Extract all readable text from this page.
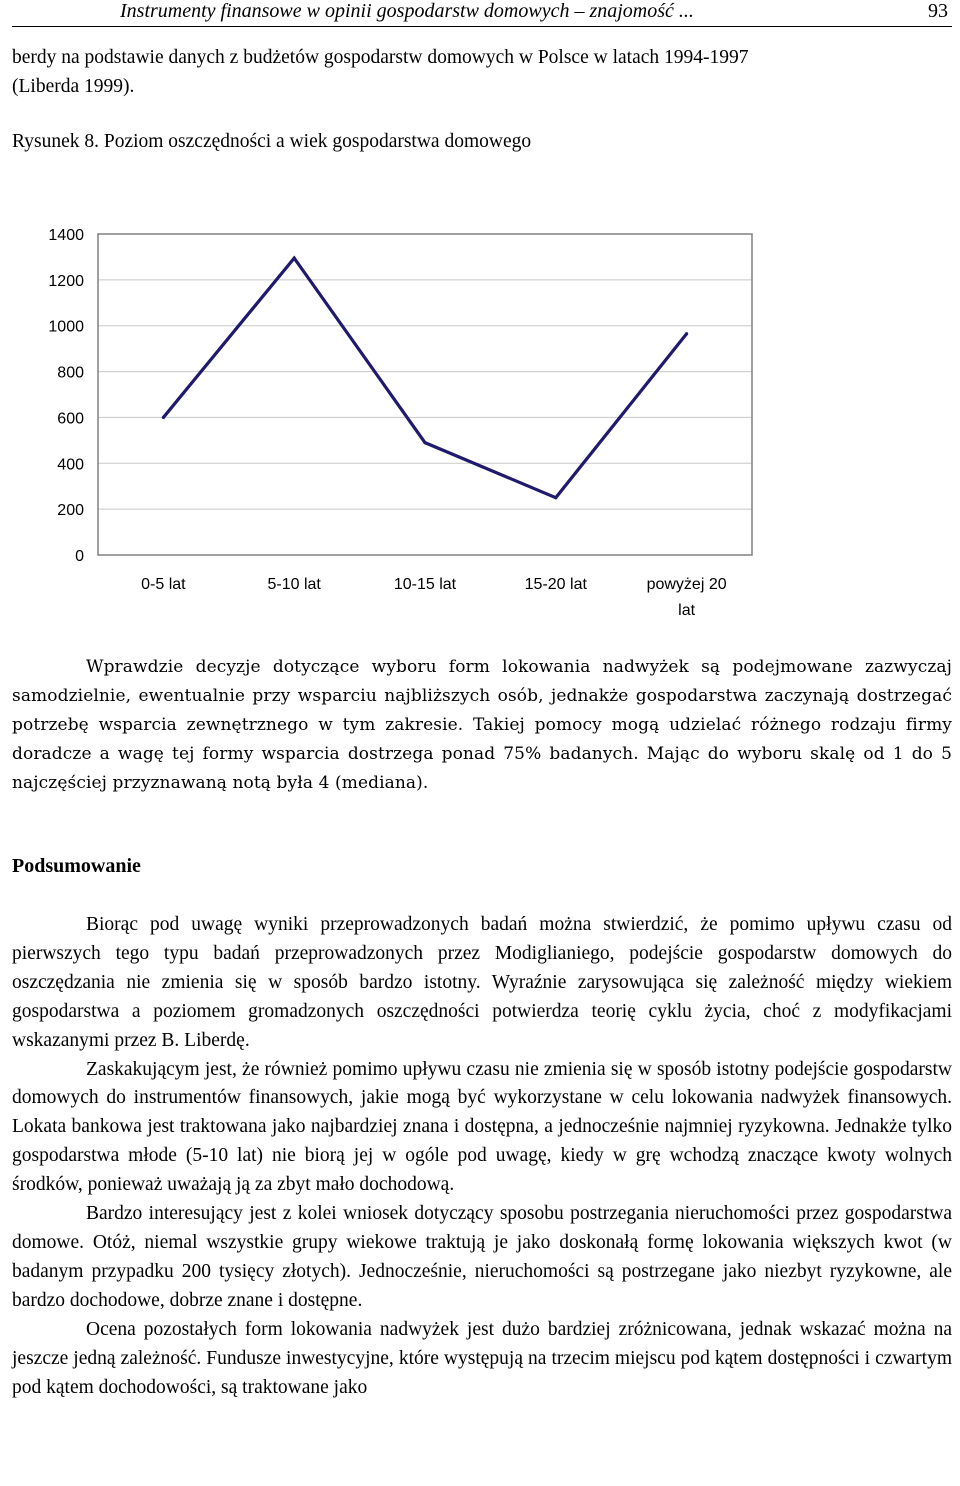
Instrumenty finansowe w opinii gospodarstw domowych – znajomość ...	93
berdy na podstawie danych z budżetów gospodarstw domowych w Polsce w latach 1994-1997
(Liberda 1999).
Rysunek 8. Poziom oszczędności a wiek gospodarstwa domowego
0
200
400
600
800
1000
1200
1400
0-5 lat	5-10 lat	10-15 lat	15-20 lat	powyżej 20 lat

Wprawdzie decyzje dotyczące wyboru form lokowania nadwyżek są podejmowane zazwyczaj samodzielnie, ewentualnie przy wsparciu najbliższych osób, jednakże gospodarstwa zaczynają dostrzegać potrzebę wsparcia zewnętrznego w tym zakresie. Takiej pomocy mogą udzielać różnego rodzaju firmy doradcze a wagę tej formy wsparcia dostrzega ponad 75% badanych. Mając do wyboru skalę od 1 do 5 najczęściej przyznawaną notą była 4 (mediana).

Podsumowanie

Biorąc pod uwagę wyniki przeprowadzonych badań można stwierdzić, że pomimo upływu czasu od pierwszych tego typu badań przeprowadzonych przez Modiglianiego, podejście gospodarstw domowych do oszczędzania nie zmienia się w sposób bardzo istotny. Wyraźnie zarysowująca się zależność między wiekiem gospodarstwa a poziomem gromadzonych oszczędności potwierdza teorię cyklu życia, choć z modyfikacjami wskazanymi przez B. Liberdę.

Zaskakującym jest, że również pomimo upływu czasu nie zmienia się w sposób istotny podejście gospodarstw domowych do instrumentów finansowych, jakie mogą być wykorzystane w celu lokowania nadwyżek finansowych. Lokata bankowa jest traktowana jako najbardziej znana i dostępna, a jednocześnie najmniej ryzykowna. Jednakże tylko gospodarstwa młode (5-10 lat) nie biorą jej w ogóle pod uwagę, kiedy w grę wchodzą znaczące kwoty wolnych środków, ponieważ uważają ją za zbyt mało dochodową.

Bardzo interesujący jest z kolei wniosek dotyczący sposobu postrzegania nieruchomości przez gospodarstwa domowe. Otóż, niemal wszystkie grupy wiekowe traktują je jako doskonałą formę lokowania większych kwot (w badanym przypadku 200 tysięcy złotych). Jednocześnie, nieruchomości są postrzegane jako niezbyt ryzykowne, ale bardzo dochodowe, dobrze znane i dostępne.

Ocena pozostałych form lokowania nadwyżek jest dużo bardziej zróżnicowana, jednak wskazać można na jeszcze jedną zależność. Fundusze inwestycyjne, które występują na trzecim miejscu pod kątem dostępności i czwartym pod kątem dochodowości, są traktowane jako
